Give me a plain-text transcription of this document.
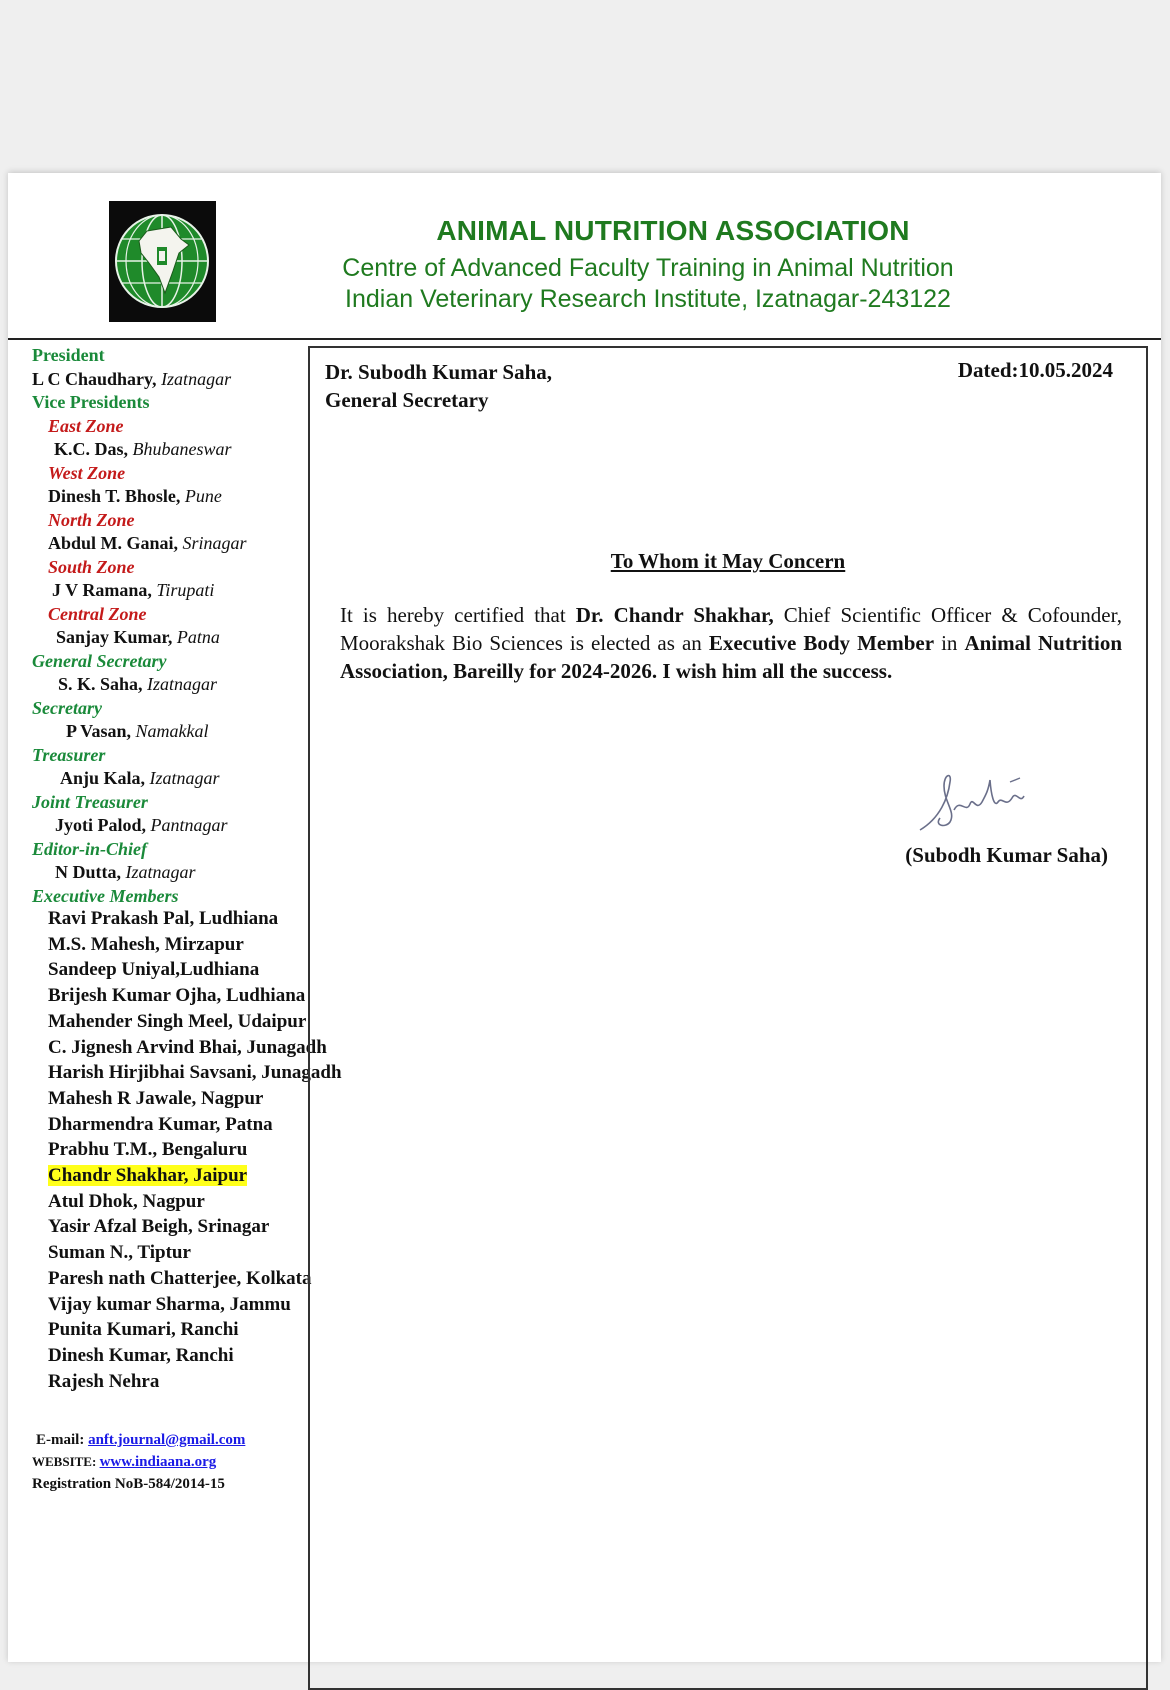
ANIMAL NUTRITION ASSOCIATION
Centre of Advanced Faculty Training in Animal Nutrition
Indian Veterinary Research Institute, Izatnagar-243122
President
L C Chaudhary, Izatnagar
Vice Presidents
East Zone
K.C. Das, Bhubaneswar
West Zone
Dinesh T. Bhosle, Pune
North Zone
Abdul M. Ganai, Srinagar
South Zone
J V Ramana, Tirupati
Central Zone
Sanjay Kumar, Patna
General Secretary
S. K. Saha, Izatnagar
Secretary
P Vasan, Namakkal
Treasurer
Anju Kala, Izatnagar
Joint Treasurer
Jyoti Palod, Pantnagar
Editor-in-Chief
N Dutta, Izatnagar
Executive Members
Ravi Prakash Pal, Ludhiana
M.S. Mahesh, Mirzapur
Sandeep Uniyal,Ludhiana
Brijesh Kumar Ojha, Ludhiana
Mahender Singh Meel, Udaipur
C. Jignesh Arvind Bhai, Junagadh
Harish Hirjibhai Savsani, Junagadh
Mahesh R Jawale, Nagpur
Dharmendra Kumar, Patna
Prabhu T.M., Bengaluru
Chandr Shakhar, Jaipur
Atul Dhok, Nagpur
Yasir Afzal Beigh, Srinagar
Suman N., Tiptur
Paresh nath Chatterjee, Kolkata
Vijay kumar Sharma, Jammu
Punita Kumari, Ranchi
Dinesh Kumar, Ranchi
Rajesh Nehra
E-mail: anft.journal@gmail.com
WEBSITE: www.indiaana.org
Registration NoB-584/2014-15
Dr. Subodh Kumar Saha,
General Secretary
Dated:10.05.2024
To Whom it May Concern
It is hereby certified that Dr. Chandr Shakhar, Chief Scientific Officer & Cofounder, Moorakshak Bio Sciences is elected as an Executive Body Member in Animal Nutrition Association, Bareilly for 2024-2026. I wish him all the success.
(Subodh Kumar Saha)
